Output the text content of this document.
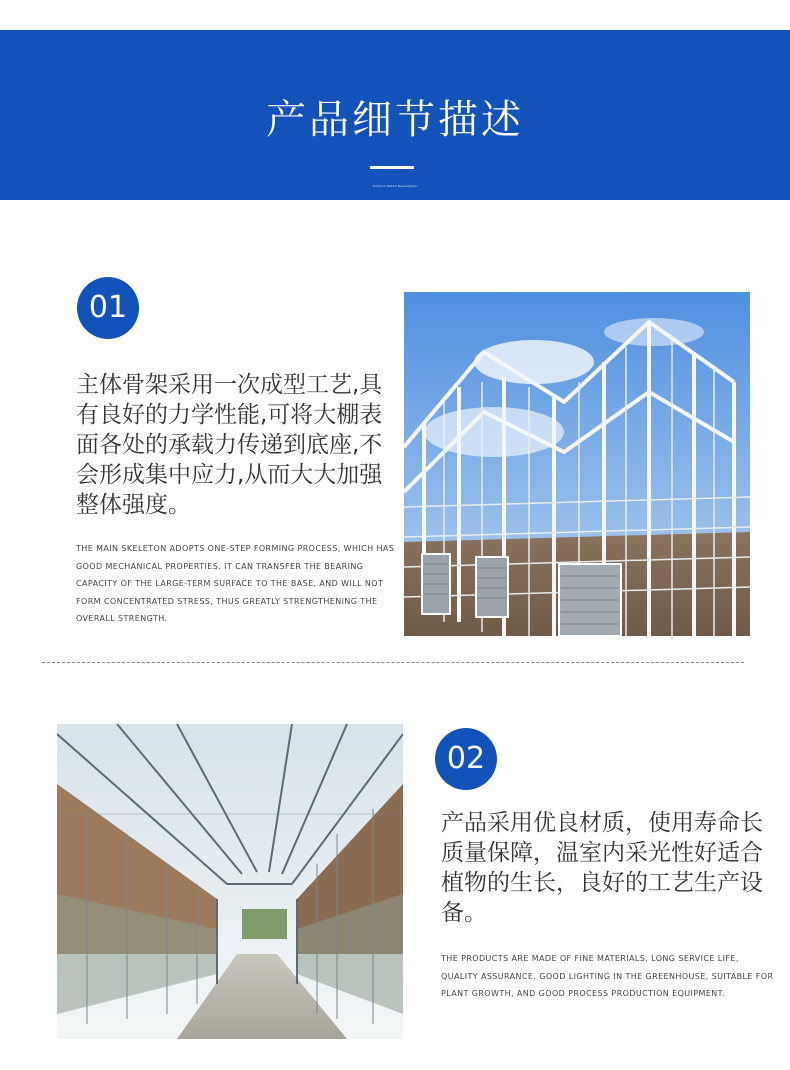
产品细节描述
Product Detail Description
01
主体骨架采用一次成型工艺,具有良好的力学性能,可将大棚表面各处的承载力传递到底座,不会形成集中应力,从而大大加强整体强度。
THE MAIN SKELETON ADOPTS ONE-STEP FORMING PROCESS, WHICH HAS GOOD MECHANICAL PROPERTIES. IT CAN TRANSFER THE BEARING CAPACITY OF THE LARGE-TERM SURFACE TO THE BASE, AND WILL NOT FORM CONCENTRATED STRESS, THUS GREATLY STRENGTHENING THE OVERALL STRENGTH.
02
产品采用优良材质，使用寿命长质量保障，温室内采光性好适合植物的生长，良好的工艺生产设备。
THE PRODUCTS ARE MADE OF FINE MATERIALS, LONG SERVICE LIFE, QUALITY ASSURANCE, GOOD LIGHTING IN THE GREENHOUSE, SUITABLE FOR PLANT GROWTH, AND GOOD PROCESS PRODUCTION EQUIPMENT.
